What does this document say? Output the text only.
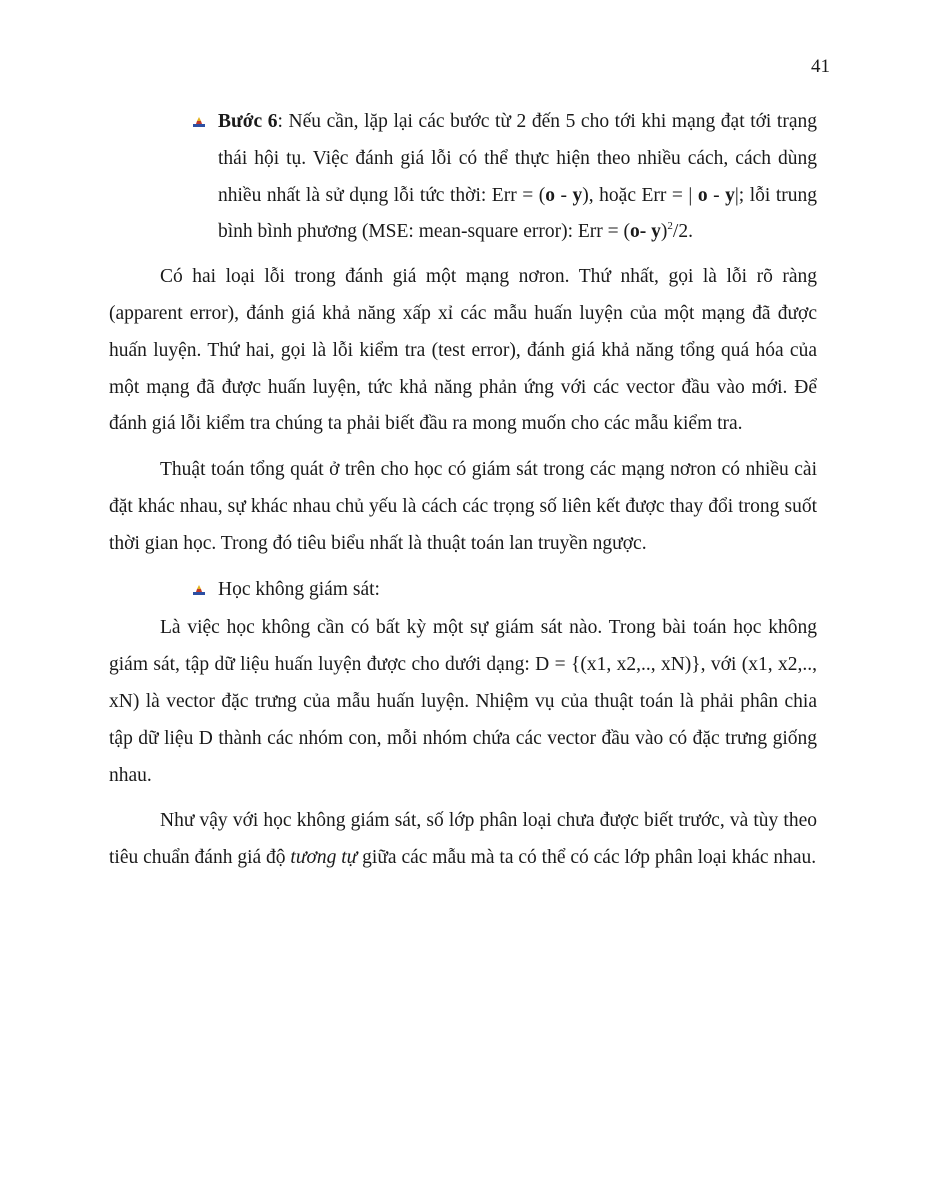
41
Bước 6: Nếu cần, lặp lại các bước từ 2 đến 5 cho tới khi mạng đạt tới trạng thái hội tụ. Việc đánh giá lỗi có thể thực hiện theo nhiều cách, cách dùng nhiều nhất là sử dụng lỗi tức thời: Err = (o - y), hoặc Err = | o - y|; lỗi trung bình bình phương (MSE: mean-square error): Err = (o- y)$^2$/2.

Có hai loại lỗi trong đánh giá một mạng nơron. Thứ nhất, gọi là lỗi rõ ràng (apparent error), đánh giá khả năng xấp xỉ các mẫu huấn luyện của một mạng đã được huấn luyện. Thứ hai, gọi là lỗi kiểm tra (test error), đánh giá khả năng tổng quá hóa của một mạng đã được huấn luyện, tức khả năng phản ứng với các vector đầu vào mới. Để đánh giá lỗi kiểm tra chúng ta phải biết đầu ra mong muốn cho các mẫu kiểm tra.

Thuật toán tổng quát ở trên cho học có giám sát trong các mạng nơron có nhiều cài đặt khác nhau, sự khác nhau chủ yếu là cách các trọng số liên kết được thay đổi trong suốt thời gian học. Trong đó tiêu biểu nhất là thuật toán lan truyền ngược.

Học không giám sát:

Là việc học không cần có bất kỳ một sự giám sát nào. Trong bài toán học không giám sát, tập dữ liệu huấn luyện được cho dưới dạng: D = {(x1, x2,.., xN)}, với (x1, x2,.., xN) là vector đặc trưng của mẫu huấn luyện. Nhiệm vụ của thuật toán là phải phân chia tập dữ liệu D thành các nhóm con, mỗi nhóm chứa các vector đầu vào có đặc trưng giống nhau.

Như vậy với học không giám sát, số lớp phân loại chưa được biết trước, và tùy theo tiêu chuẩn đánh giá độ tương tự giữa các mẫu mà ta có thể có các lớp phân loại khác nhau.
